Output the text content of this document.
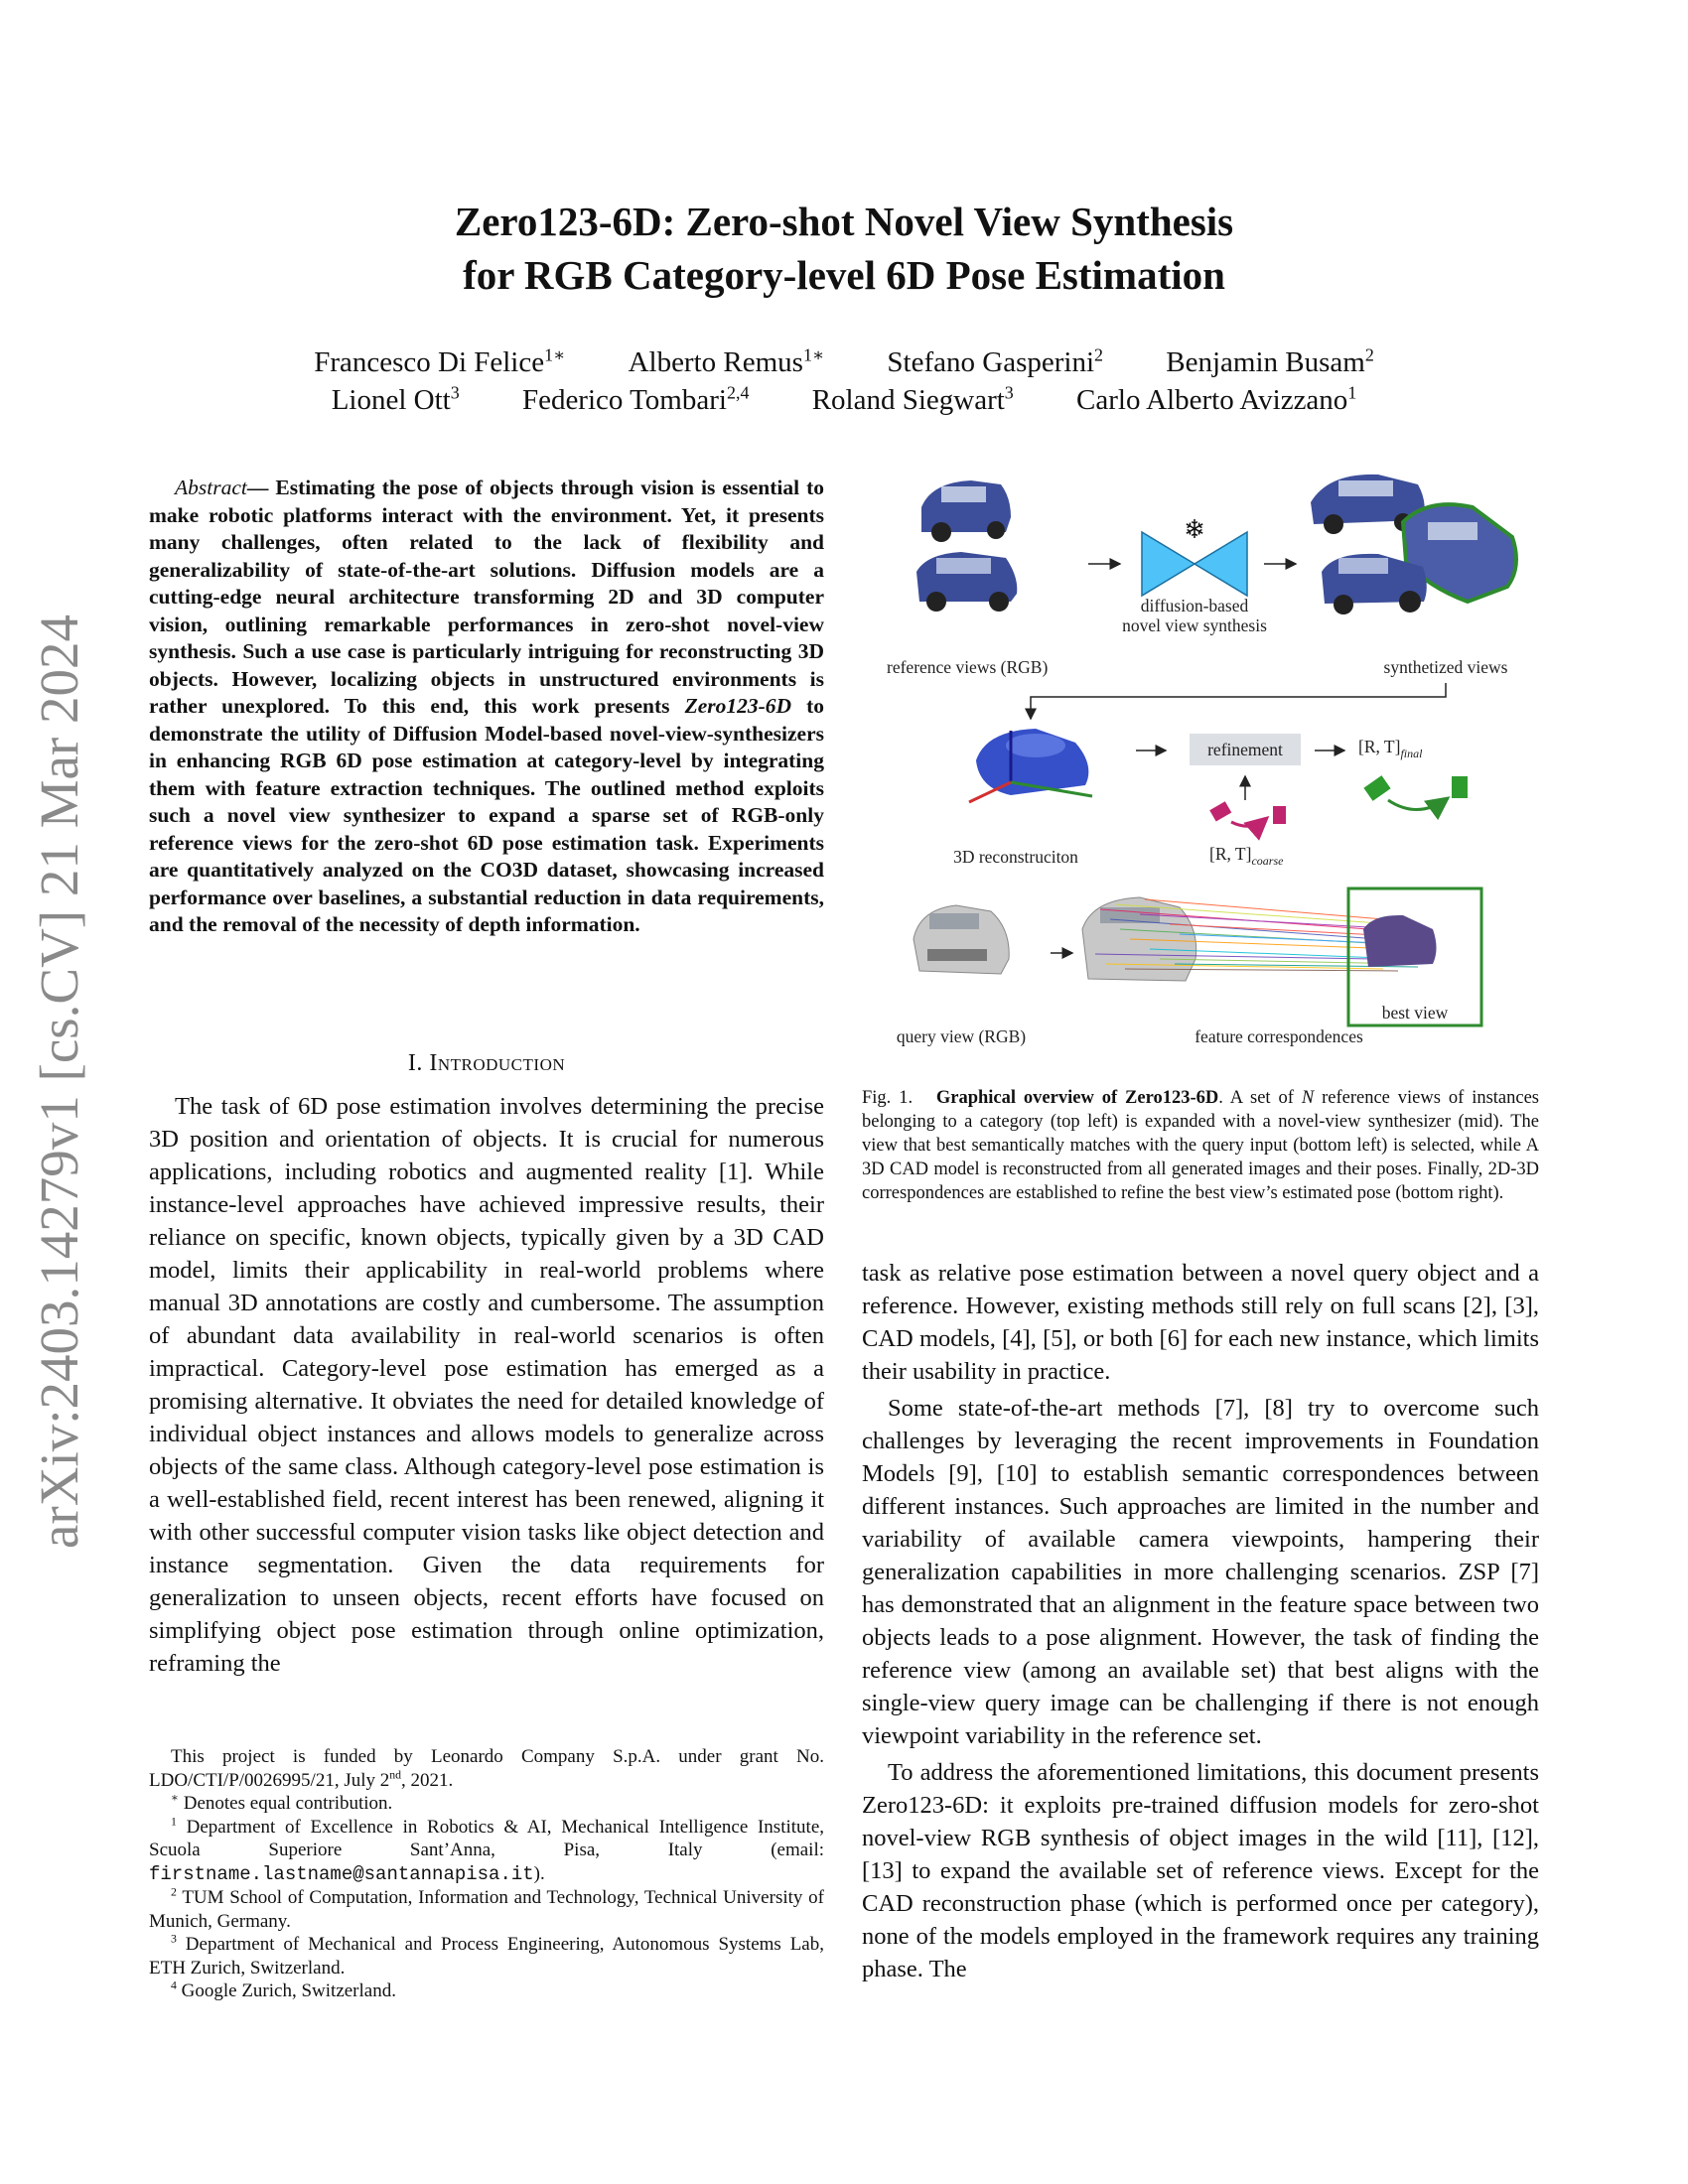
arXiv:2403.14279v1 [cs.CV] 21 Mar 2024
Zero123-6D: Zero-shot Novel View Synthesis
for RGB Category-level 6D Pose Estimation
Francesco Di Felice$^{1∗}$ Alberto Remus$^{1∗}$ Stefano Gasperini$^2$ Benjamin Busam$^2$
Lionel Ott$^3$ Federico Tombari$^{2,4}$ Roland Siegwart$^3$ Carlo Alberto Avizzano$^1$
Abstract— Estimating the pose of objects through vision is essential to make robotic platforms interact with the environment. Yet, it presents many challenges, often related to the lack of flexibility and generalizability of state-of-the-art solutions. Diffusion models are a cutting-edge neural architecture transforming 2D and 3D computer vision, outlining remarkable performances in zero-shot novel-view synthesis. Such a use case is particularly intriguing for reconstructing 3D objects. However, localizing objects in unstructured environments is rather unexplored. To this end, this work presents Zero123-6D to demonstrate the utility of Diffusion Model-based novel-view-synthesizers in enhancing RGB 6D pose estimation at category-level by integrating them with feature extraction techniques. The outlined method exploits such a novel view synthesizer to expand a sparse set of RGB-only reference views for the zero-shot 6D pose estimation task. Experiments are quantitatively analyzed on the CO3D dataset, showcasing increased performance over baselines, a substantial reduction in data requirements, and the removal of the necessity of depth information.
I. Introduction

The task of 6D pose estimation involves determining the precise 3D position and orientation of objects. It is crucial for numerous applications, including robotics and augmented reality [1]. While instance-level approaches have achieved impressive results, their reliance on specific, known objects, typically given by a 3D CAD model, limits their applicability in real-world problems where manual 3D annotations are costly and cumbersome. The assumption of abundant data availability in real-world scenarios is often impractical. Category-level pose estimation has emerged as a promising alternative. It obviates the need for detailed knowledge of individual object instances and allows models to generalize across objects of the same class. Although category-level pose estimation is a well-established field, recent interest has been renewed, aligning it with other successful computer vision tasks like object detection and instance segmentation. Given the data requirements for generalization to unseen objects, recent efforts have focused on simplifying object pose estimation through online optimization, reframing the

This project is funded by Leonardo Company S.p.A. under grant No. LDO/CTI/P/0026995/21, July 2nd, 2021.

∗ Denotes equal contribution.

$^1$ Department of Excellence in Robotics & AI, Mechanical Intelligence Institute, Scuola Superiore Sant’Anna, Pisa, Italy (email: firstname.lastname@santannapisa.it).

$^2$ TUM School of Computation, Information and Technology, Technical University of Munich, Germany.

$^3$ Department of Mechanical and Process Engineering, Autonomous Systems Lab, ETH Zurich, Switzerland.

$^4$ Google Zurich, Switzerland.

reference views (RGB)
❄
diffusion-based
novel view synthesis
synthetized views
3D reconstruciton
refinement	[R, $T]_{final}$
[R, $T]_{coarse}$
query view (RGB)
best view
feature correspondences
Fig. 1. Graphical overview of Zero123-6D. A set of N reference views of instances belonging to a category (top left) is expanded with a novel-view synthesizer (mid). The view that best semantically matches with the query input (bottom left) is selected, while A 3D CAD model is reconstructed from all generated images and their poses. Finally, 2D-3D correspondences are established to refine the best view’s estimated pose (bottom right).

task as relative pose estimation between a novel query object and a reference. However, existing methods still rely on full scans [2], [3], CAD models, [4], [5], or both [6] for each new instance, which limits their usability in practice.

Some state-of-the-art methods [7], [8] try to overcome such challenges by leveraging the recent improvements in Foundation Models [9], [10] to establish semantic correspondences between different instances. Such approaches are limited in the number and variability of available camera viewpoints, hampering their generalization capabilities in more challenging scenarios. ZSP [7] has demonstrated that an alignment in the feature space between two objects leads to a pose alignment. However, the task of finding the reference view (among an available set) that best aligns with the single-view query image can be challenging if there is not enough viewpoint variability in the reference set.

To address the aforementioned limitations, this document presents Zero123-6D: it exploits pre-trained diffusion models for zero-shot novel-view RGB synthesis of object images in the wild [11], [12], [13] to expand the available set of reference views. Except for the CAD reconstruction phase (which is performed once per category), none of the models employed in the framework requires any training phase. The
